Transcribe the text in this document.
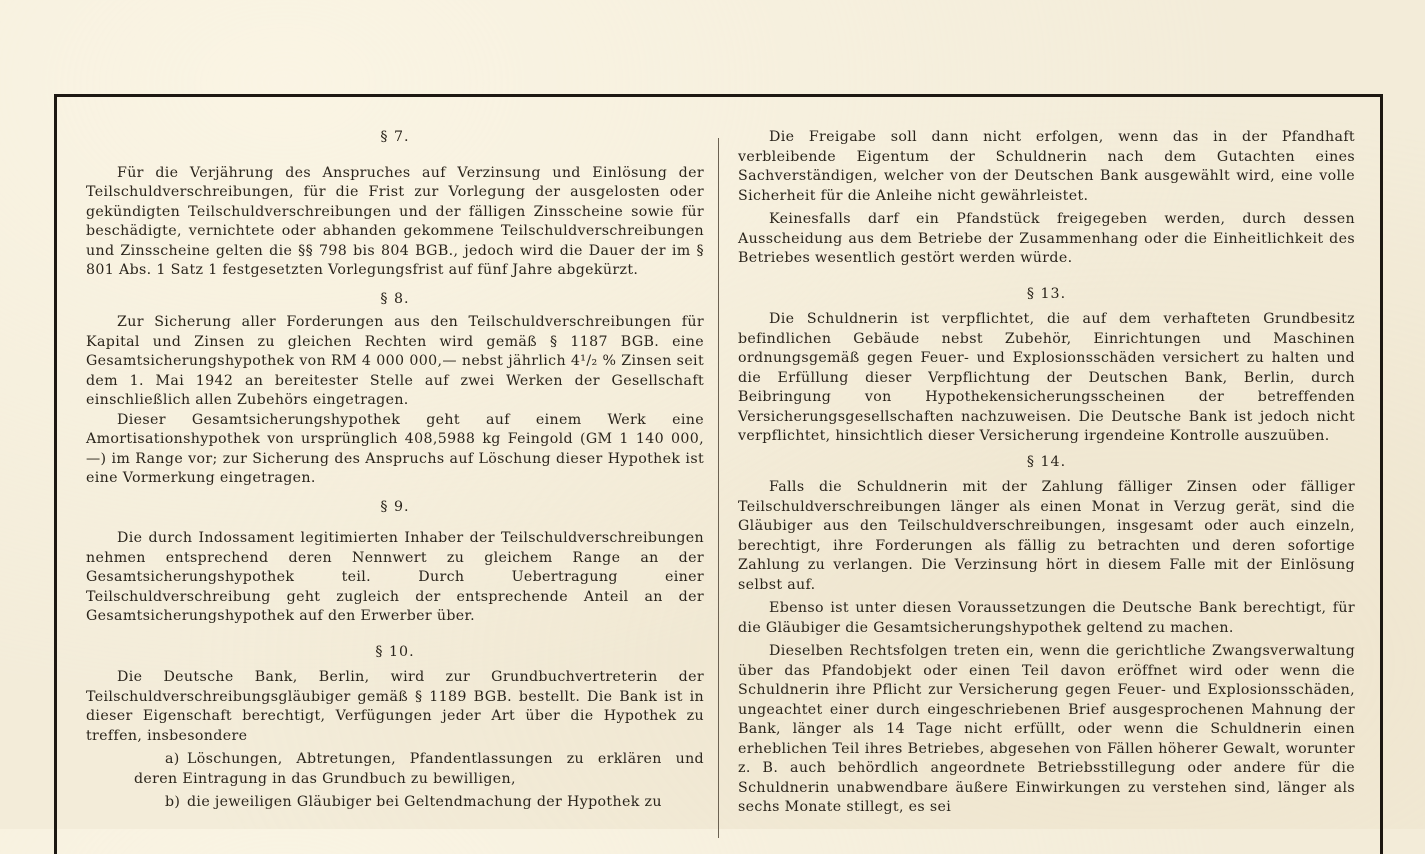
§ 7.

Für die Verjährung des Anspruches auf Verzinsung und Einlösung der Teilschuldverschreibungen, für die Frist zur Vorlegung der ausgelosten oder gekündigten Teilschuldverschreibungen und der fälligen Zinsscheine sowie für beschädigte, vernichtete oder abhanden gekommene Teilschuldverschreibungen und Zinsscheine gelten die §§ 798 bis 804 BGB., jedoch wird die Dauer der im § 801 Abs. 1 Satz 1 festgesetzten Vorlegungsfrist auf fünf Jahre abgekürzt.

§ 8.

Zur Sicherung aller Forderungen aus den Teilschuldverschreibungen für Kapital und Zinsen zu gleichen Rechten wird gemäß § 1187 BGB. eine Gesamtsicherungshypothek von RM 4 000 000,— nebst jährlich 4¹/₂ % Zinsen seit dem 1. Mai 1942 an bereitester Stelle auf zwei Werken der Gesellschaft einschließlich allen Zubehörs eingetragen.

Dieser Gesamtsicherungshypothek geht auf einem Werk eine Amortisationshypothek von ursprünglich 408,5988 kg Feingold (GM 1 140 000,—) im Range vor; zur Sicherung des Anspruchs auf Löschung dieser Hypothek ist eine Vormerkung eingetragen.

§ 9.

Die durch Indossament legitimierten Inhaber der Teilschuldverschreibungen nehmen entsprechend deren Nennwert zu gleichem Range an der Gesamtsicherungshypothek teil. Durch Uebertragung einer Teilschuldverschreibung geht zugleich der entsprechende Anteil an der Gesamtsicherungshypothek auf den Erwerber über.

§ 10.

Die Deutsche Bank, Berlin, wird zur Grundbuchvertreterin der Teilschuldverschreibungsgläubiger gemäß § 1189 BGB. bestellt. Die Bank ist in dieser Eigenschaft berechtigt, Verfügungen jeder Art über die Hypothek zu treffen, insbesondere

a) Löschungen, Abtretungen, Pfandentlassungen zu erklären und deren Eintragung in das Grundbuch zu bewilligen,

b) die jeweiligen Gläubiger bei Geltendmachung der Hypothek zu

Die Freigabe soll dann nicht erfolgen, wenn das in der Pfandhaft verbleibende Eigentum der Schuldnerin nach dem Gutachten eines Sachverständigen, welcher von der Deutschen Bank ausgewählt wird, eine volle Sicherheit für die Anleihe nicht gewährleistet.

Keinesfalls darf ein Pfandstück freigegeben werden, durch dessen Ausscheidung aus dem Betriebe der Zusammenhang oder die Einheitlichkeit des Betriebes wesentlich gestört werden würde.

§ 13.

Die Schuldnerin ist verpflichtet, die auf dem verhafteten Grundbesitz befindlichen Gebäude nebst Zubehör, Einrichtungen und Maschinen ordnungsgemäß gegen Feuer- und Explosionsschäden versichert zu halten und die Erfüllung dieser Verpflichtung der Deutschen Bank, Berlin, durch Beibringung von Hypothekensicherungsscheinen der betreffenden Versicherungsgesellschaften nachzuweisen. Die Deutsche Bank ist jedoch nicht verpflichtet, hinsichtlich dieser Versicherung irgendeine Kontrolle auszuüben.

§ 14.

Falls die Schuldnerin mit der Zahlung fälliger Zinsen oder fälliger Teilschuldverschreibungen länger als einen Monat in Verzug gerät, sind die Gläubiger aus den Teilschuldverschreibungen, insgesamt oder auch einzeln, berechtigt, ihre Forderungen als fällig zu betrachten und deren sofortige Zahlung zu verlangen. Die Verzinsung hört in diesem Falle mit der Einlösung selbst auf.

Ebenso ist unter diesen Voraussetzungen die Deutsche Bank berechtigt, für die Gläubiger die Gesamtsicherungshypothek geltend zu machen.

Dieselben Rechtsfolgen treten ein, wenn die gerichtliche Zwangsverwaltung über das Pfandobjekt oder einen Teil davon eröffnet wird oder wenn die Schuldnerin ihre Pflicht zur Versicherung gegen Feuer- und Explosionsschäden, ungeachtet einer durch eingeschriebenen Brief ausgesprochenen Mahnung der Bank, länger als 14 Tage nicht erfüllt, oder wenn die Schuldnerin einen erheblichen Teil ihres Betriebes, abgesehen von Fällen höherer Gewalt, worunter z. B. auch behördlich angeordnete Betriebsstillegung oder andere für die Schuldnerin unabwendbare äußere Einwirkungen zu verstehen sind, länger als sechs Monate stillegt, es sei
